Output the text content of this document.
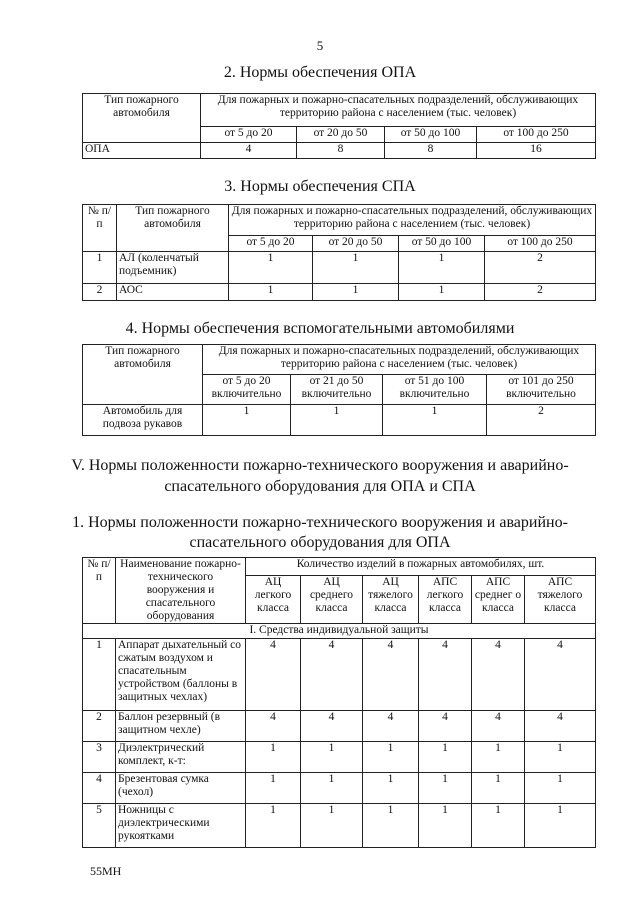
5
2. Нормы обеспечения ОПА
Тип пожарного автомобиля	Для пожарных и пожарно-спасательных подразделений, обслуживающих территорию района с населением (тыс. человек)			
	от 5 до 20	от 20 до 50	от 50 до 100	от 100 до 250
ОПА	4	8	8	16
3. Нормы обеспечения СПА
№ п/п	Тип пожарного автомобиля	Для пожарных и пожарно-спасательных подразделений, обслуживающих территорию района с населением (тыс. человек)			
		от 5 до 20	от 20 до 50	от 50 до 100	от 100 до 250
1	АЛ (коленчатый подъемник)	1	1	1	2
2	АОС	1	1	1	2
4. Нормы обеспечения вспомогательными автомобилями
Тип пожарного автомобиля	Для пожарных и пожарно-спасательных подразделений, обслуживающих территорию района с населением (тыс. человек)			
	от 5 до 20 включительно	от 21 до 50 включительно	от 51 до 100 включительно	от 101 до 250 включительно
Автомобиль для подвоза рукавов	1	1	1	2
V. Нормы положенности пожарно-технического вооружения и аварийно-
спасательного оборудования для ОПА и СПА
1. Нормы положенности пожарно-технического вооружения и аварийно-
спасательного оборудования для ОПА
№ п/п	Наименование пожарно-технического вооружения и спасательного оборудования	Количество изделий в пожарных автомобилях, шт.					
		АЦ легкого класса	АЦ среднего класса	АЦ тяжелого класса	АПС легкого класса	АПС среднег о класса	АПС тяжелого класса
I. Средства индивидуальной защиты							
1	Аппарат дыхательный со сжатым воздухом и спасательным устройством (баллоны в защитных чехлах)	4	4	4	4	4	4
2	Баллон резервный (в защитном чехле)	4	4	4	4	4	4
3	Диэлектрический комплект, к-т:	1	1	1	1	1	1
4	Брезентовая сумка (чехол)	1	1	1	1	1	1
5	Ножницы с диэлектрическими рукоятками	1	1	1	1	1	1
55МН
